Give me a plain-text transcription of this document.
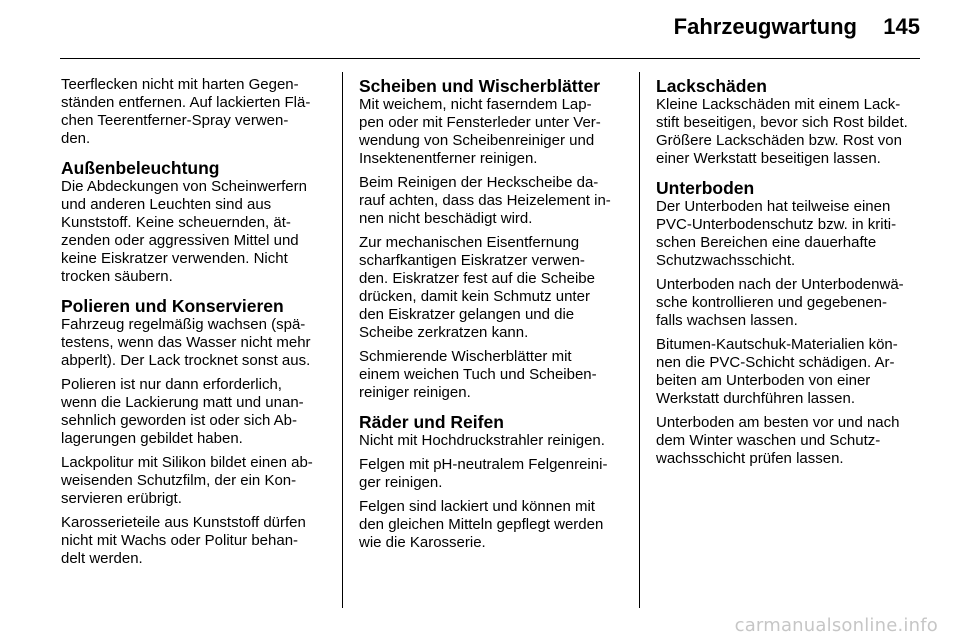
Fahrzeugwartung 145

Teerflecken nicht mit harten Gegen-
ständen entfernen. Auf lackierten Flä-
chen Teerentferner-Spray verwen-
den.

Außenbeleuchtung

Die Abdeckungen von Scheinwerfern
und anderen Leuchten sind aus
Kunststoff. Keine scheuernden, ät-
zenden oder aggressiven Mittel und
keine Eiskratzer verwenden. Nicht
trocken säubern.

Polieren und Konservieren

Fahrzeug regelmäßig wachsen (spä-
testens, wenn das Wasser nicht mehr
abperlt). Der Lack trocknet sonst aus.

Polieren ist nur dann erforderlich,
wenn die Lackierung matt und unan-
sehnlich geworden ist oder sich Ab-
lagerungen gebildet haben.

Lackpolitur mit Silikon bildet einen ab-
weisenden Schutzfilm, der ein Kon-
servieren erübrigt.

Karosserieteile aus Kunststoff dürfen
nicht mit Wachs oder Politur behan-
delt werden.

Scheiben und Wischerblätter

Mit weichem, nicht faserndem Lap-
pen oder mit Fensterleder unter Ver-
wendung von Scheibenreiniger und
Insektenentferner reinigen.

Beim Reinigen der Heckscheibe da-
rauf achten, dass das Heizelement in-
nen nicht beschädigt wird.

Zur mechanischen Eisentfernung
scharfkantigen Eiskratzer verwen-
den. Eiskratzer fest auf die Scheibe
drücken, damit kein Schmutz unter
den Eiskratzer gelangen und die
Scheibe zerkratzen kann.

Schmierende Wischerblätter mit
einem weichen Tuch und Scheiben-
reiniger reinigen.

Räder und Reifen

Nicht mit Hochdruckstrahler reinigen.

Felgen mit pH-neutralem Felgenreini-
ger reinigen.

Felgen sind lackiert und können mit
den gleichen Mitteln gepflegt werden
wie die Karosserie.

Lackschäden

Kleine Lackschäden mit einem Lack-
stift beseitigen, bevor sich Rost bildet.
Größere Lackschäden bzw. Rost von
einer Werkstatt beseitigen lassen.

Unterboden

Der Unterboden hat teilweise einen
PVC-Unterbodenschutz bzw. in kriti-
schen Bereichen eine dauerhafte
Schutzwachsschicht.

Unterboden nach der Unterbodenwä-
sche kontrollieren und gegebenen-
falls wachsen lassen.

Bitumen-Kautschuk-Materialien kön-
nen die PVC-Schicht schädigen. Ar-
beiten am Unterboden von einer
Werkstatt durchführen lassen.

Unterboden am besten vor und nach
dem Winter waschen und Schutz-
wachsschicht prüfen lassen.

carmanualsonline.info
